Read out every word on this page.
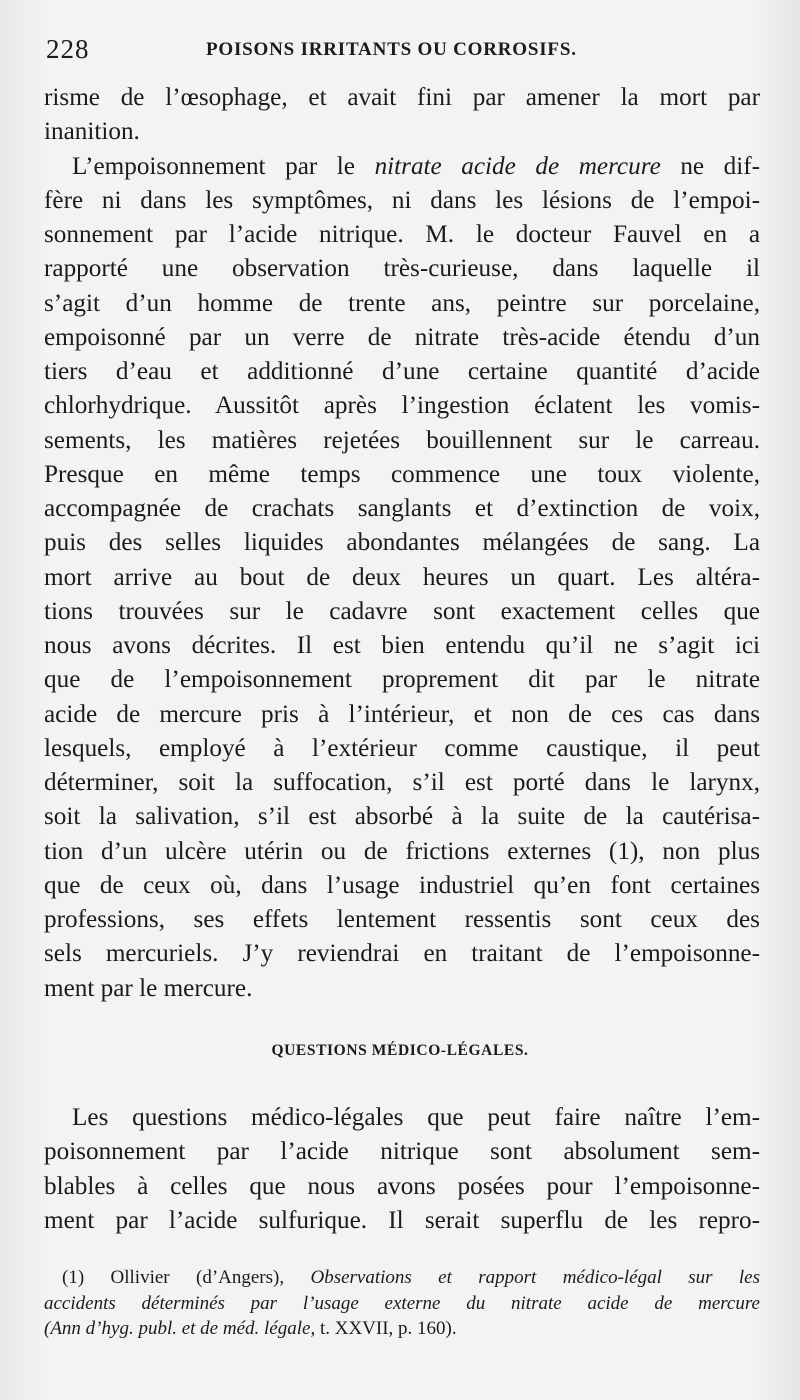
228	POISONS IRRITANTS OU CORROSIFS.
risme de l’œsophage, et avait fini par amener la mort par
inanition.
L’empoisonnement par le nitrate acide de mercure ne dif-
fère ni dans les symptômes, ni dans les lésions de l’empoi-
sonnement par l’acide nitrique. M. le docteur Fauvel en a
rapporté une observation très-curieuse, dans laquelle il
s’agit d’un homme de trente ans, peintre sur porcelaine,
empoisonné par un verre de nitrate très-acide étendu d’un
tiers d’eau et additionné d’une certaine quantité d’acide
chlorhydrique. Aussitôt après l’ingestion éclatent les vomis-
sements, les matières rejetées bouillennent sur le carreau.
Presque en même temps commence une toux violente,
accompagnée de crachats sanglants et d’extinction de voix,
puis des selles liquides abondantes mélangées de sang. La
mort arrive au bout de deux heures un quart. Les altéra-
tions trouvées sur le cadavre sont exactement celles que
nous avons décrites. Il est bien entendu qu’il ne s’agit ici
que de l’empoisonnement proprement dit par le nitrate
acide de mercure pris à l’intérieur, et non de ces cas dans
lesquels, employé à l’extérieur comme caustique, il peut
déterminer, soit la suffocation, s’il est porté dans le larynx,
soit la salivation, s’il est absorbé à la suite de la cautérisa-
tion d’un ulcère utérin ou de frictions externes (1), non plus
que de ceux où, dans l’usage industriel qu’en font certaines
professions, ses effets lentement ressentis sont ceux des
sels mercuriels. J’y reviendrai en traitant de l’empoisonne-
ment par le mercure.
QUESTIONS MÉDICO-LÉGALES.
Les questions médico-légales que peut faire naître l’em-
poisonnement par l’acide nitrique sont absolument sem-
blables à celles que nous avons posées pour l’empoisonne-
ment par l’acide sulfurique. Il serait superflu de les repro-
(1) Ollivier (d’Angers), Observations et rapport médico-légal sur les
accidents déterminés par l’usage externe du nitrate acide de mercure
(Ann d’hyg. publ. et de méd. légale, t. XXVII, p. 160).
